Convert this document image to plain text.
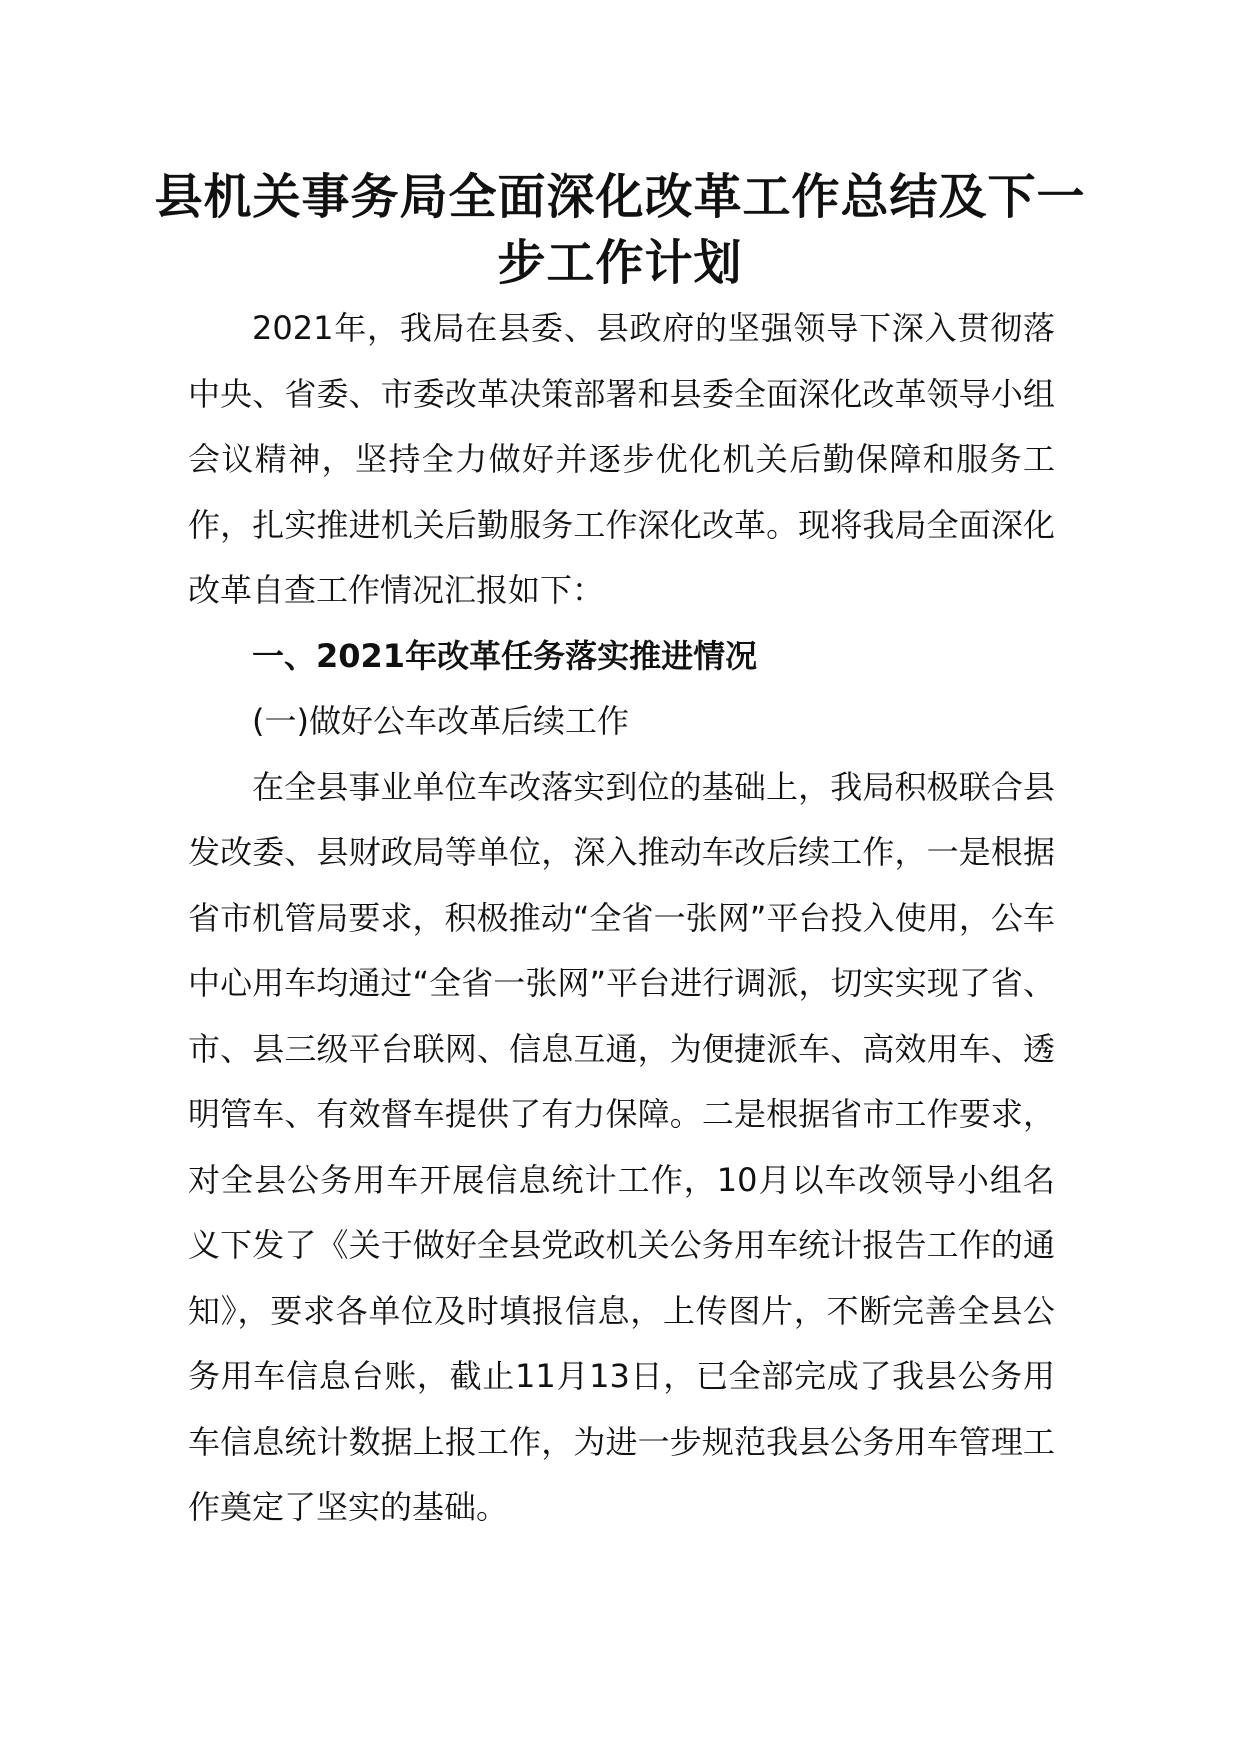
县机关事务局全面深化改革工作总结及下一步工作计划

2021年，我局在县委、县政府的坚强领导下深入贯彻落中央、省委、市委改革决策部署和县委全面深化改革领导小组会议精神，坚持全力做好并逐步优化机关后勤保障和服务工作，扎实推进机关后勤服务工作深化改革。现将我局全面深化改革自查工作情况汇报如下：

一、2021年改革任务落实推进情况

(一)做好公车改革后续工作

在全县事业单位车改落实到位的基础上，我局积极联合县发改委、县财政局等单位，深入推动车改后续工作，一是根据省市机管局要求，积极推动“全省一张网”平台投入使用，公车中心用车均通过“全省一张网”平台进行调派，切实实现了省、市、县三级平台联网、信息互通，为便捷派车、高效用车、透明管车、有效督车提供了有力保障。二是根据省市工作要求，对全县公务用车开展信息统计工作，10月以车改领导小组名义下发了《关于做好全县党政机关公务用车统计报告工作的通知》，要求各单位及时填报信息，上传图片，不断完善全县公务用车信息台账，截止11月13日，已全部完成了我县公务用车信息统计数据上报工作，为进一步规范我县公务用车管理工作奠定了坚实的基础。
